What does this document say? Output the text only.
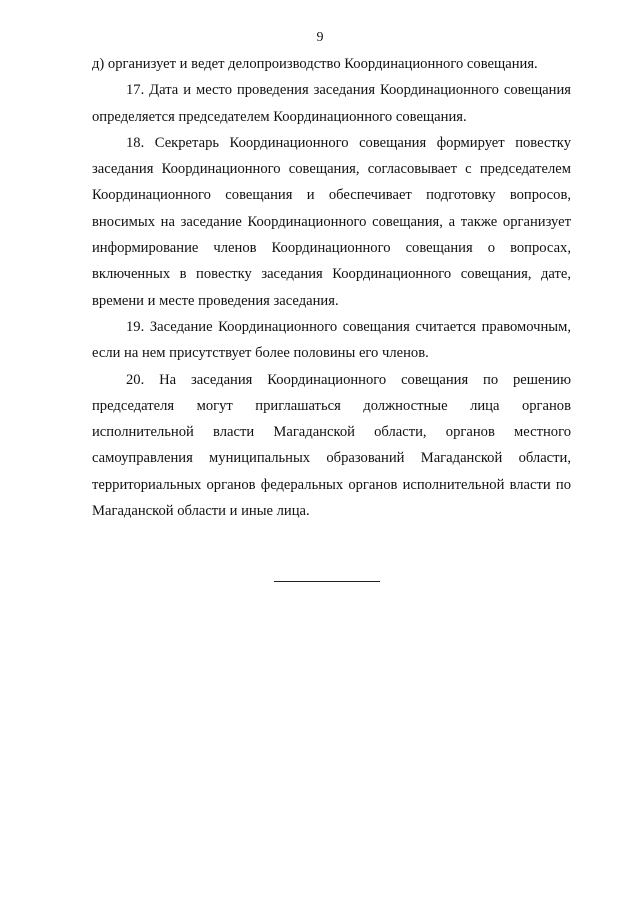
9

д) организует и ведет делопроизводство Координационного совещания.

17. Дата и место проведения заседания Координационного совещания определяется председателем Координационного совещания.

18. Секретарь Координационного совещания формирует повестку заседания Координационного совещания, согласовывает с председателем Координационного совещания и обеспечивает подготовку вопросов, вносимых на заседание Координационного совещания, а также организует информирование членов Координационного совещания о вопросах, включенных в повестку заседания Координационного совещания, дате, времени и месте проведения заседания.

19. Заседание Координационного совещания считается правомочным, если на нем присутствует более половины его членов.

20. На заседания Координационного совещания по решению председателя могут приглашаться должностные лица органов исполнительной власти Магаданской области, органов местного самоуправления муниципальных образований Магаданской области, территориальных органов федеральных органов исполнительной власти по Магаданской области и иные лица.
